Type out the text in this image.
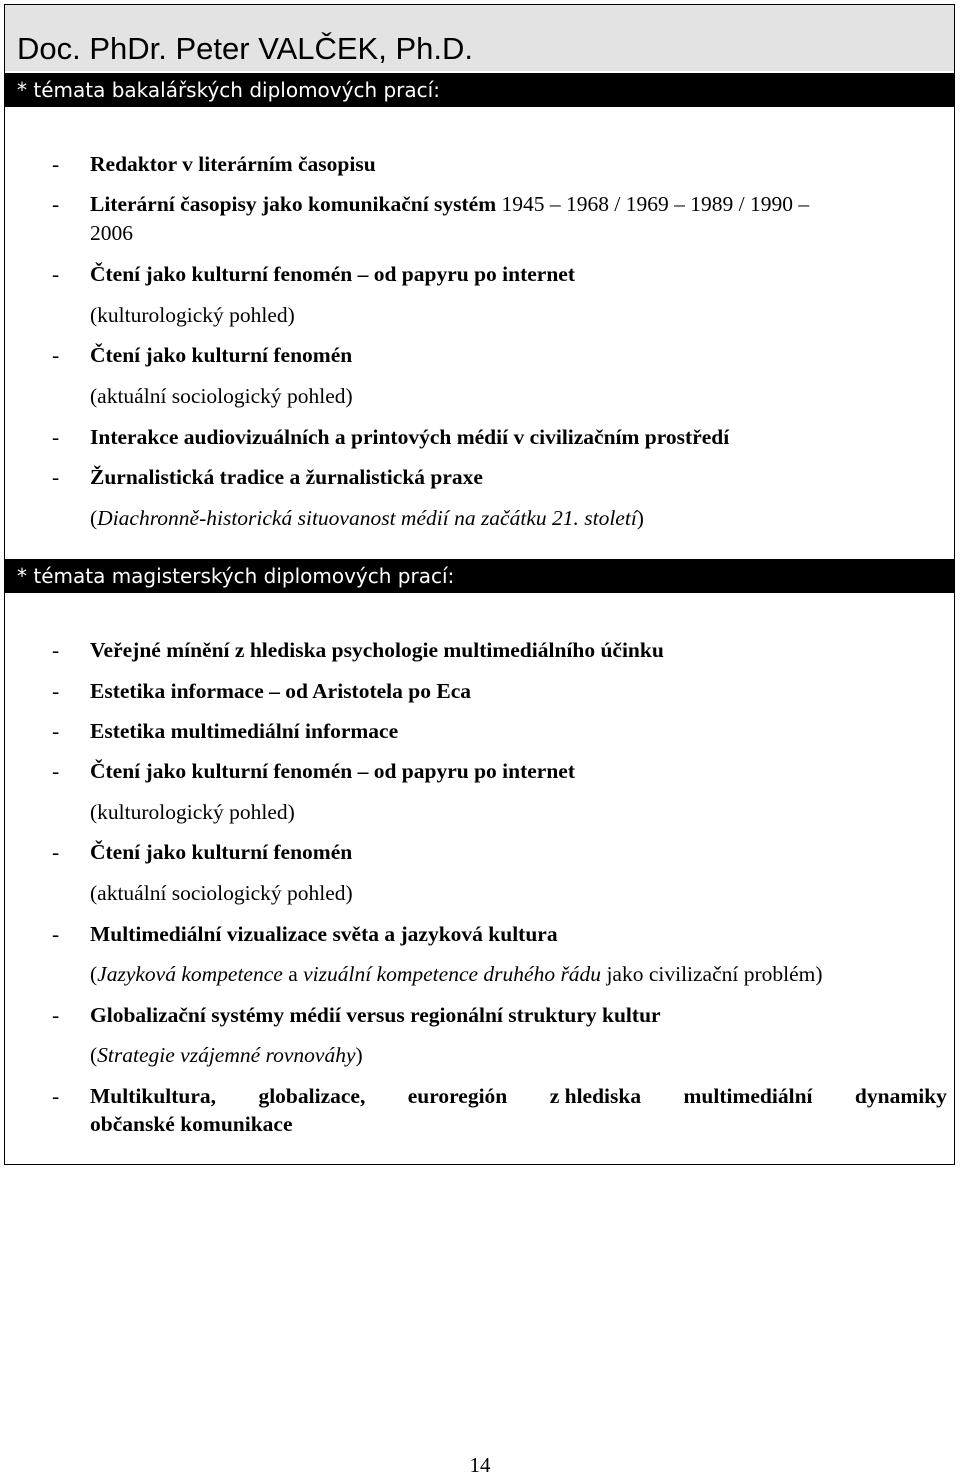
Doc. PhDr. Peter VALČEK, Ph.D.
* témata bakalářských diplomových prací:
- Redaktor v literárním časopisu
- Literární časopisy jako komunikační systém 1945 – 1968 / 1969 – 1989 / 1990 –
2006
- Čtení jako kulturní fenomén – od papyru po internet
(kulturologický pohled)
- Čtení jako kulturní fenomén
(aktuální sociologický pohled)
- Interakce audiovizuálních a printových médií v civilizačním prostředí
- Žurnalistická tradice a žurnalistická praxe
(Diachronně-historická situovanost médií na začátku 21. století)
* témata magisterských diplomových prací:
- Veřejné mínění z hlediska psychologie multimediálního účinku
- Estetika informace – od Aristotela po Eca
- Estetika multimediální informace
- Čtení jako kulturní fenomén – od papyru po internet
(kulturologický pohled)
- Čtení jako kulturní fenomén
(aktuální sociologický pohled)
- Multimediální vizualizace světa a jazyková kultura
(Jazyková kompetence a vizuální kompetence druhého řádu jako civilizační problém)
- Globalizační systémy médií versus regionální struktury kultur
(Strategie vzájemné rovnováhy)
- Multikultura, globalizace, euroregión z hlediska multimediální dynamiky
občanské komunikace
14
